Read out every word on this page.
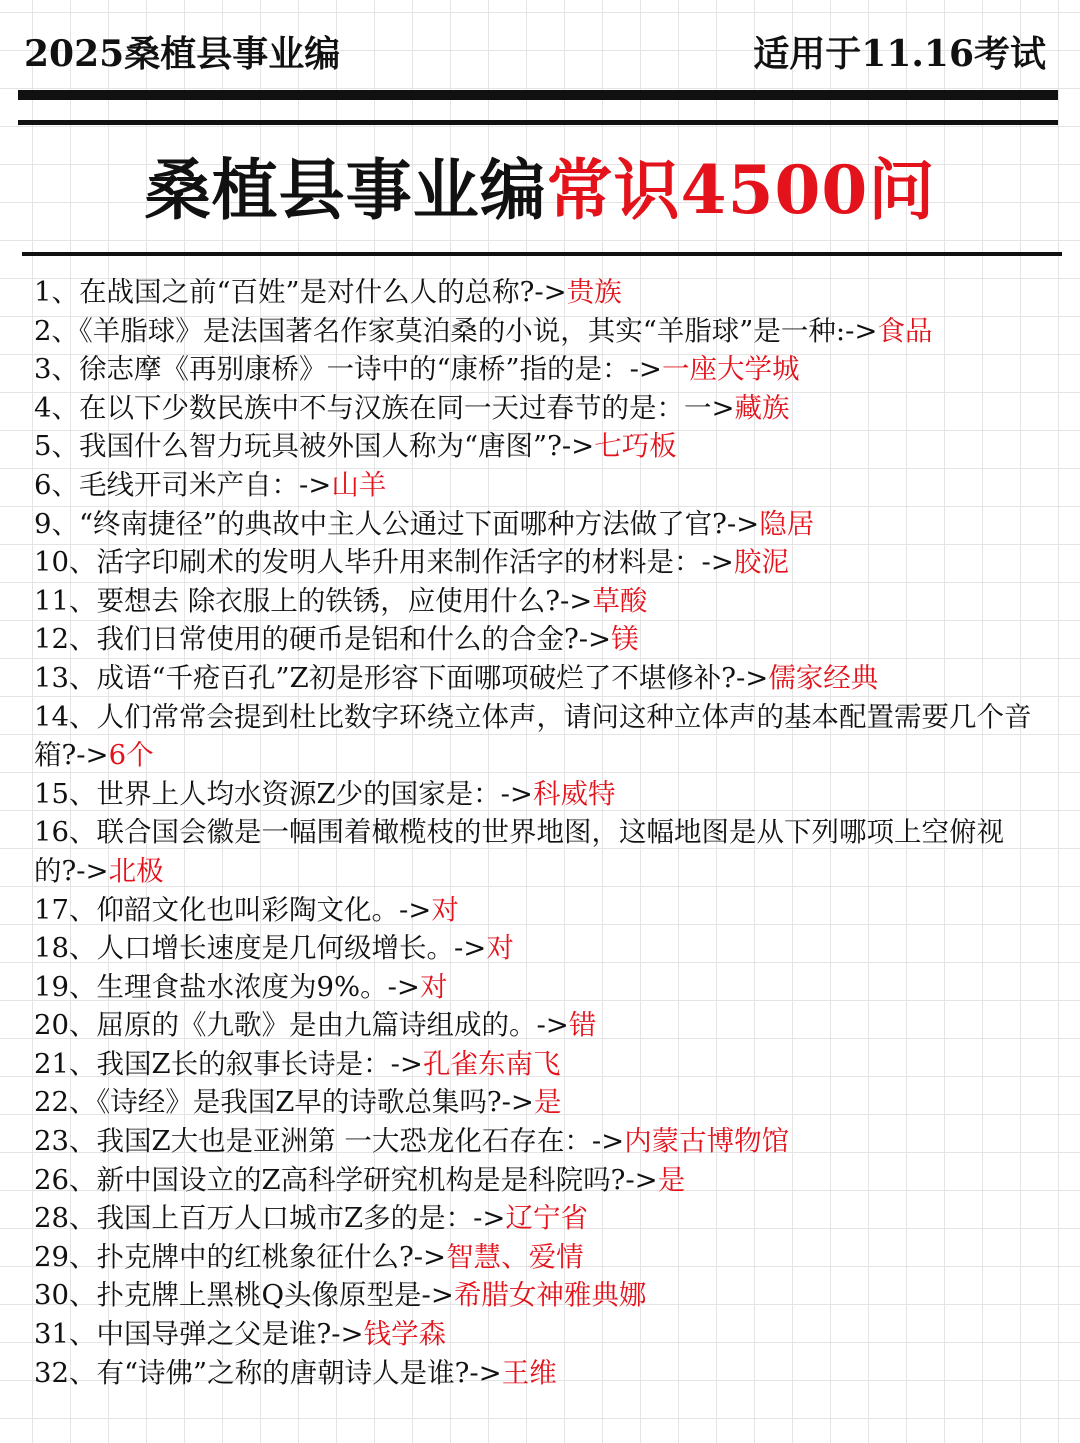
2025桑植县事业编	适用于11.16考试
桑植县事业编常识4500问
1、在战国之前“百姓”是对什么人的总称?->贵族
2、《羊脂球》是法国著名作家莫泊桑的小说，其实“羊脂球”是一种:->食品
3、徐志摩《再别康桥》一诗中的“康桥”指的是：->一座大学城
4、在以下少数民族中不与汉族在同一天过春节的是：一>藏族
5、我国什么智力玩具被外国人称为“唐图”?->七巧板
6、毛线开司米产自：->山羊
9、“终南捷径”的典故中主人公通过下面哪种方法做了官?->隐居
10、活字印刷术的发明人毕升用来制作活字的材料是：->胶泥
11、要想去 除衣服上的铁锈，应使用什么?->草酸
12、我们日常使用的硬币是铝和什么的合金?->镁
13、成语“千疮百孔”Z初是形容下面哪项破烂了不堪修补?->儒家经典
14、人们常常会提到杜比数字环绕立体声，请问这种立体声的基本配置需要几个音箱?->6个
15、世界上人均水资源Z少的国家是：->科威特
16、联合国会徽是一幅围着橄榄枝的世界地图，这幅地图是从下列哪项上空俯视的?->北极
17、仰韶文化也叫彩陶文化。->对
18、人口增长速度是几何级增长。->对
19、生理食盐水浓度为9%。->对
20、屈原的《九歌》是由九篇诗组成的。->错
21、我国Z长的叙事长诗是：->孔雀东南飞
22、《诗经》是我国Z早的诗歌总集吗?->是
23、我国Z大也是亚洲第 一大恐龙化石存在：->内蒙古博物馆
26、新中国设立的Z高科学研究机构是是科院吗?->是
28、我国上百万人口城市Z多的是：->辽宁省
29、扑克牌中的红桃象征什么?->智慧、爱情
30、扑克牌上黑桃Q头像原型是->希腊女神雅典娜
31、中国导弹之父是谁?->钱学森
32、有“诗佛”之称的唐朝诗人是谁?->王维
